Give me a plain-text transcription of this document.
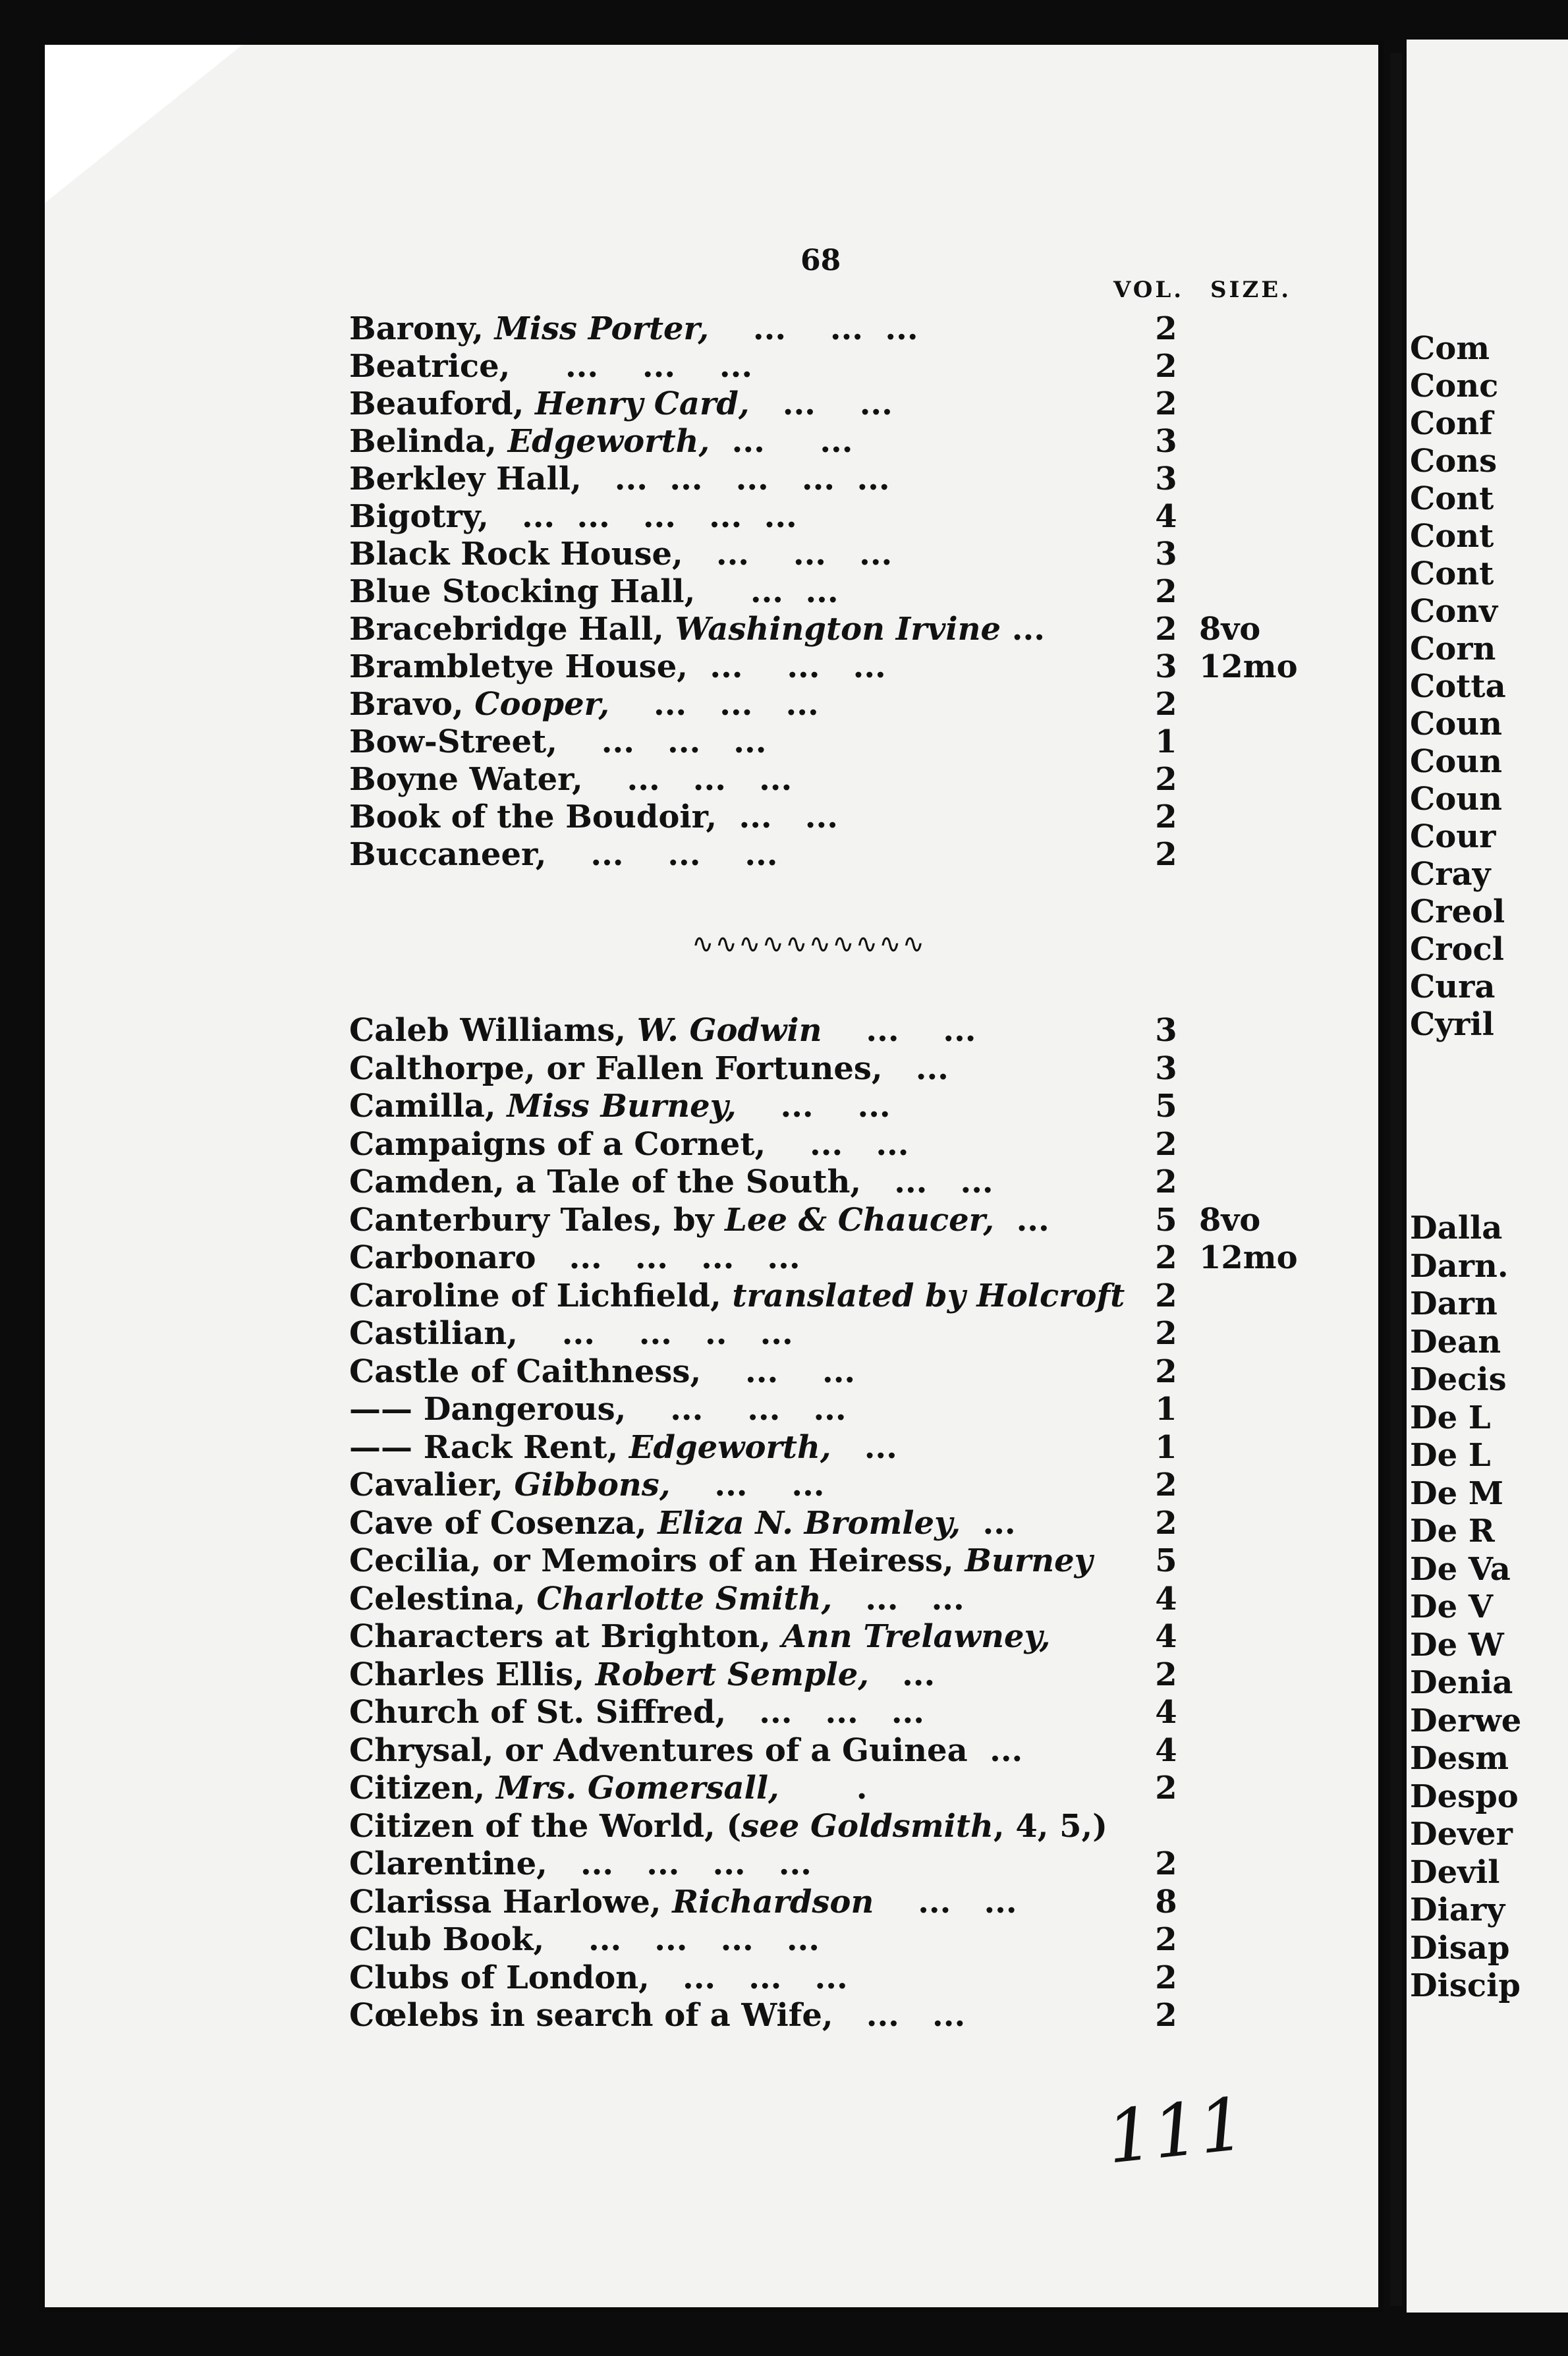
68
VOL. SIZE.
Barony, Miss Porter,    ...    ...  ...	2
Beatrice,     ...    ...    ...	2
Beauford, Henry Card,   ...    ...	2
Belinda, Edgeworth,  ...     ...	3
Berkley Hall,   ...  ...   ...   ...  ...	3
Bigotry,   ...  ...   ...   ...  ...	4
Black Rock House,   ...    ...   ...	3
Blue Stocking Hall,     ...  ...	2
Bracebridge Hall, Washington Irvine ...	2 8vo
Brambletye House,  ...    ...   ...	3 12mo
Bravo, Cooper,    ...   ...   ...	2
Bow-Street,    ...   ...   ...	1
Boyne Water,    ...   ...   ...	2
Book of the Boudoir,  ...   ...	2
Buccaneer,    ...    ...    ...	2
∿∿∿∿∿∿∿∿∿∿
Caleb Williams, W. Godwin    ...    ...	3
Calthorpe, or Fallen Fortunes,   ...	3
Camilla, Miss Burney,    ...    ...	5
Campaigns of a Cornet,    ...   ...	2
Camden, a Tale of the South,   ...   ...	2
Canterbury Tales, by Lee & Chaucer,  ...	5 8vo
Carbonaro   ...   ...   ...   ...	2 12mo
Caroline of Lichfield, translated by Holcroft 2
Castilian,    ...    ...   ..   ...	2
Castle of Caithness,    ...    ...	2
—— Dangerous,    ...    ...   ...	1
—— Rack Rent, Edgeworth,   ...	1
Cavalier, Gibbons,    ...    ...	2
Cave of Cosenza, Eliza N. Bromley,  ...	2
Cecilia, or Memoirs of an Heiress, Burney 5
Celestina, Charlotte Smith,   ...   ...	4
Characters at Brighton, Ann Trelawney,	4
Charles Ellis, Robert Semple,   ...	2
Church of St. Siffred,   ...   ...   ...	4
Chrysal, or Adventures of a Guinea  ...	4
Citizen, Mrs. Gomersall,       .	2
Citizen of the World, (see Goldsmith, 4, 5,)
Clarentine,   ...   ...   ...   ...	2
Clarissa Harlowe, Richardson    ...   ...	8
Club Book,    ...   ...   ...   ...	2
Clubs of London,   ...   ...   ...	2
Cœlebs in search of a Wife,   ...   ...	2
111
Com
Conc
Conf
Cons
Cont
Cont
Cont
Conv
Corn
Cotta
Coun
Coun
Coun
Cour
Cray
Creol
Crocl
Cura
Cyril
Dalla
Darn.
Darn
Dean
Decis
De L
De L
De M
De R
De Va
De V
De W
Denia
Derwe
Desm
Despo
Dever
Devil
Diary
Disap
Discip
